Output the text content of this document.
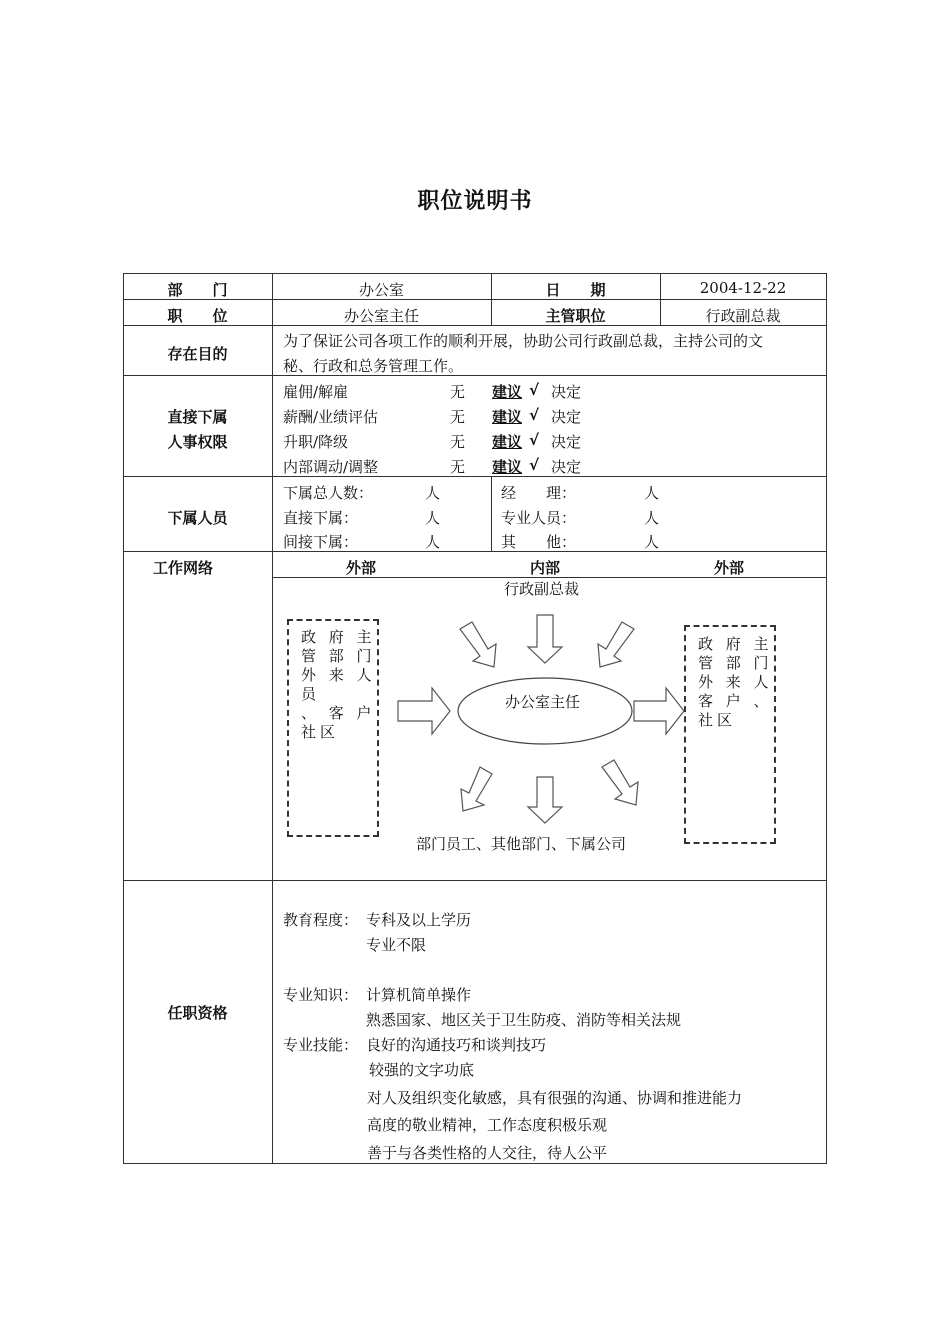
职位说明书
部　　门	办公室	日　　期	2004-12-22
职　　位	办公室主任	主管职位	行政副总裁
存在目的
为了保证公司各项工作的顺利开展，协助公司行政副总裁，主持公司的文
秘、行政和总务管理工作。
直接下属
人事权限
雇佣/解雇	无 建议 √ 决定
薪酬/业绩评估	无 建议 √ 决定
升职/降级	无 建议 √ 决定
内部调动/调整	无 建议 √ 决定
下属人员
下属总人数：	人
直接下属：	人
间接下属：	人
经　　理：	人
专业人员：	人
其　　他：	人
工作网络	外部	内部	外部
行政副总裁
办公室主任
部门员工、其他部门、下属公司
政 府 主
管 部 门
外 来 人
员
、 客 户
社区
政 府 主
管 部 门
外 来 人
客 户 、
社区
任职资格
教育程度： 专科及以上学历
专业不限
专业知识： 计算机简单操作
熟悉国家、地区关于卫生防疫、消防等相关法规
专业技能： 良好的沟通技巧和谈判技巧
较强的文字功底
对人及组织变化敏感，具有很强的沟通、协调和推进能力
高度的敬业精神，工作态度积极乐观
善于与各类性格的人交往，待人公平
